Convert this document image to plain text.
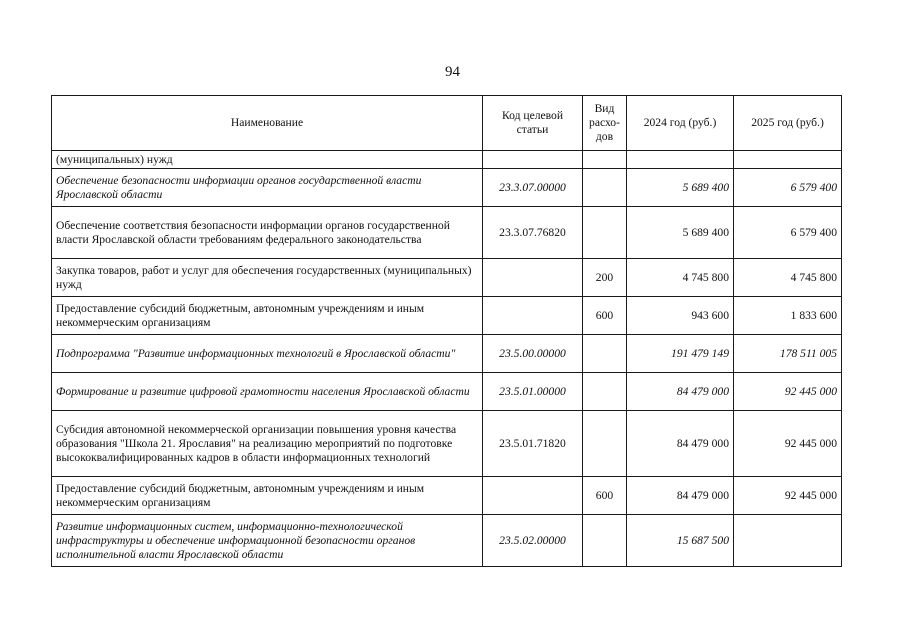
94
Наименование	Код целевой статьи	Вид расхо-дов	2024 год (руб.)	2025 год (руб.)
(муниципальных) нужд				
Обеспечение безопасности информации органов государственной власти Ярославской области	23.3.07.00000		5 689 400	6 579 400
Обеспечение соответствия безопасности информации органов государственной власти Ярославской области требованиям федерального законодательства	23.3.07.76820		5 689 400	6 579 400
Закупка товаров, работ и услуг для обеспечения государственных (муниципальных) нужд		200	4 745 800	4 745 800
Предоставление субсидий бюджетным, автономным учреждениям и иным некоммерческим организациям		600	943 600	1 833 600
Подпрограмма "Развитие информационных технологий в Ярославской области"	23.5.00.00000		191 479 149	178 511 005
Формирование и развитие цифровой грамотности населения Ярославской области	23.5.01.00000		84 479 000	92 445 000
Субсидия автономной некоммерческой организации повышения уровня качества образования "Школа 21. Ярославия" на реализацию мероприятий по подготовке высококвалифицированных кадров в области информационных технологий	23.5.01.71820		84 479 000	92 445 000
Предоставление субсидий бюджетным, автономным учреждениям и иным некоммерческим организациям		600	84 479 000	92 445 000
Развитие информационных систем, информационно-технологической инфраструктуры и обеспечение информационной безопасности органов исполнительной власти Ярославской области	23.5.02.00000		15 687 500	
